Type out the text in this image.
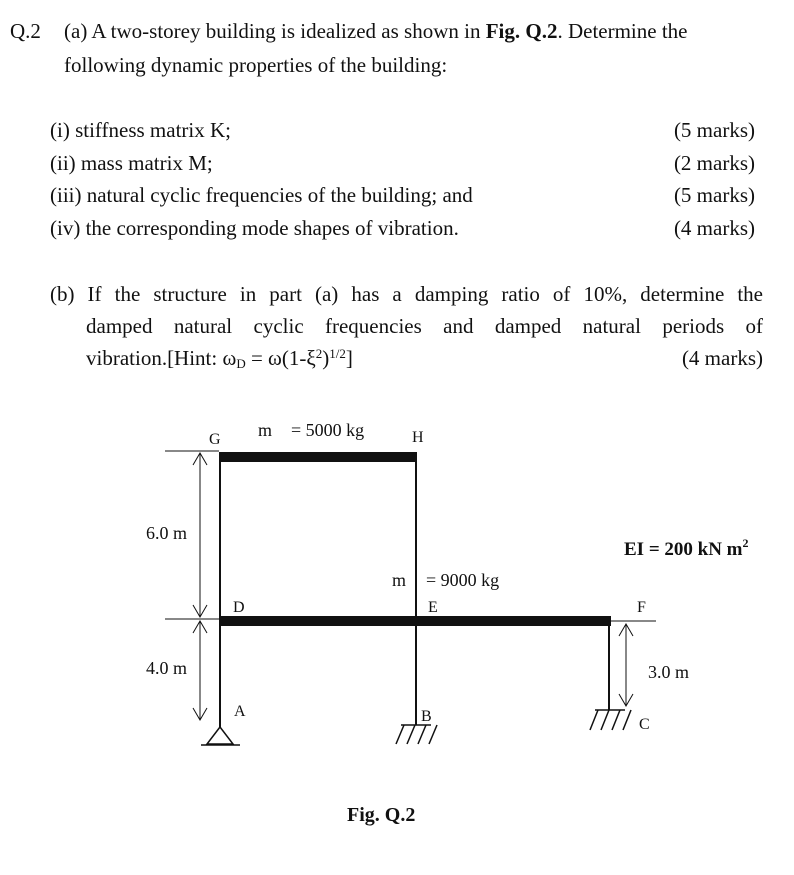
Q.2 (a) A two-storey building is idealized as shown in Fig. Q.2. Determine the
following dynamic properties of the building:
(i) stiffness matrix K;	(5 marks)
(ii) mass matrix M;	(2 marks)
(iii) natural cyclic frequencies of the building; and	(5 marks)
(iv) the corresponding mode shapes of vibration.	(4 marks)
(b) If the structure in part (a) has a damping ratio of 10%, determine the
damped natural cyclic frequencies and damped natural periods of
vibration.[Hint: $\omega_D = \omega(1-\xi^2)^{1/2}$]	(4 marks)
G	H
D	E	F
A	B	C
m = 5000 kg
m = 9000 kg
6.0 m
4.0 m	3.0 m
EI = 200 kN $m^2$
Fig. Q.2
